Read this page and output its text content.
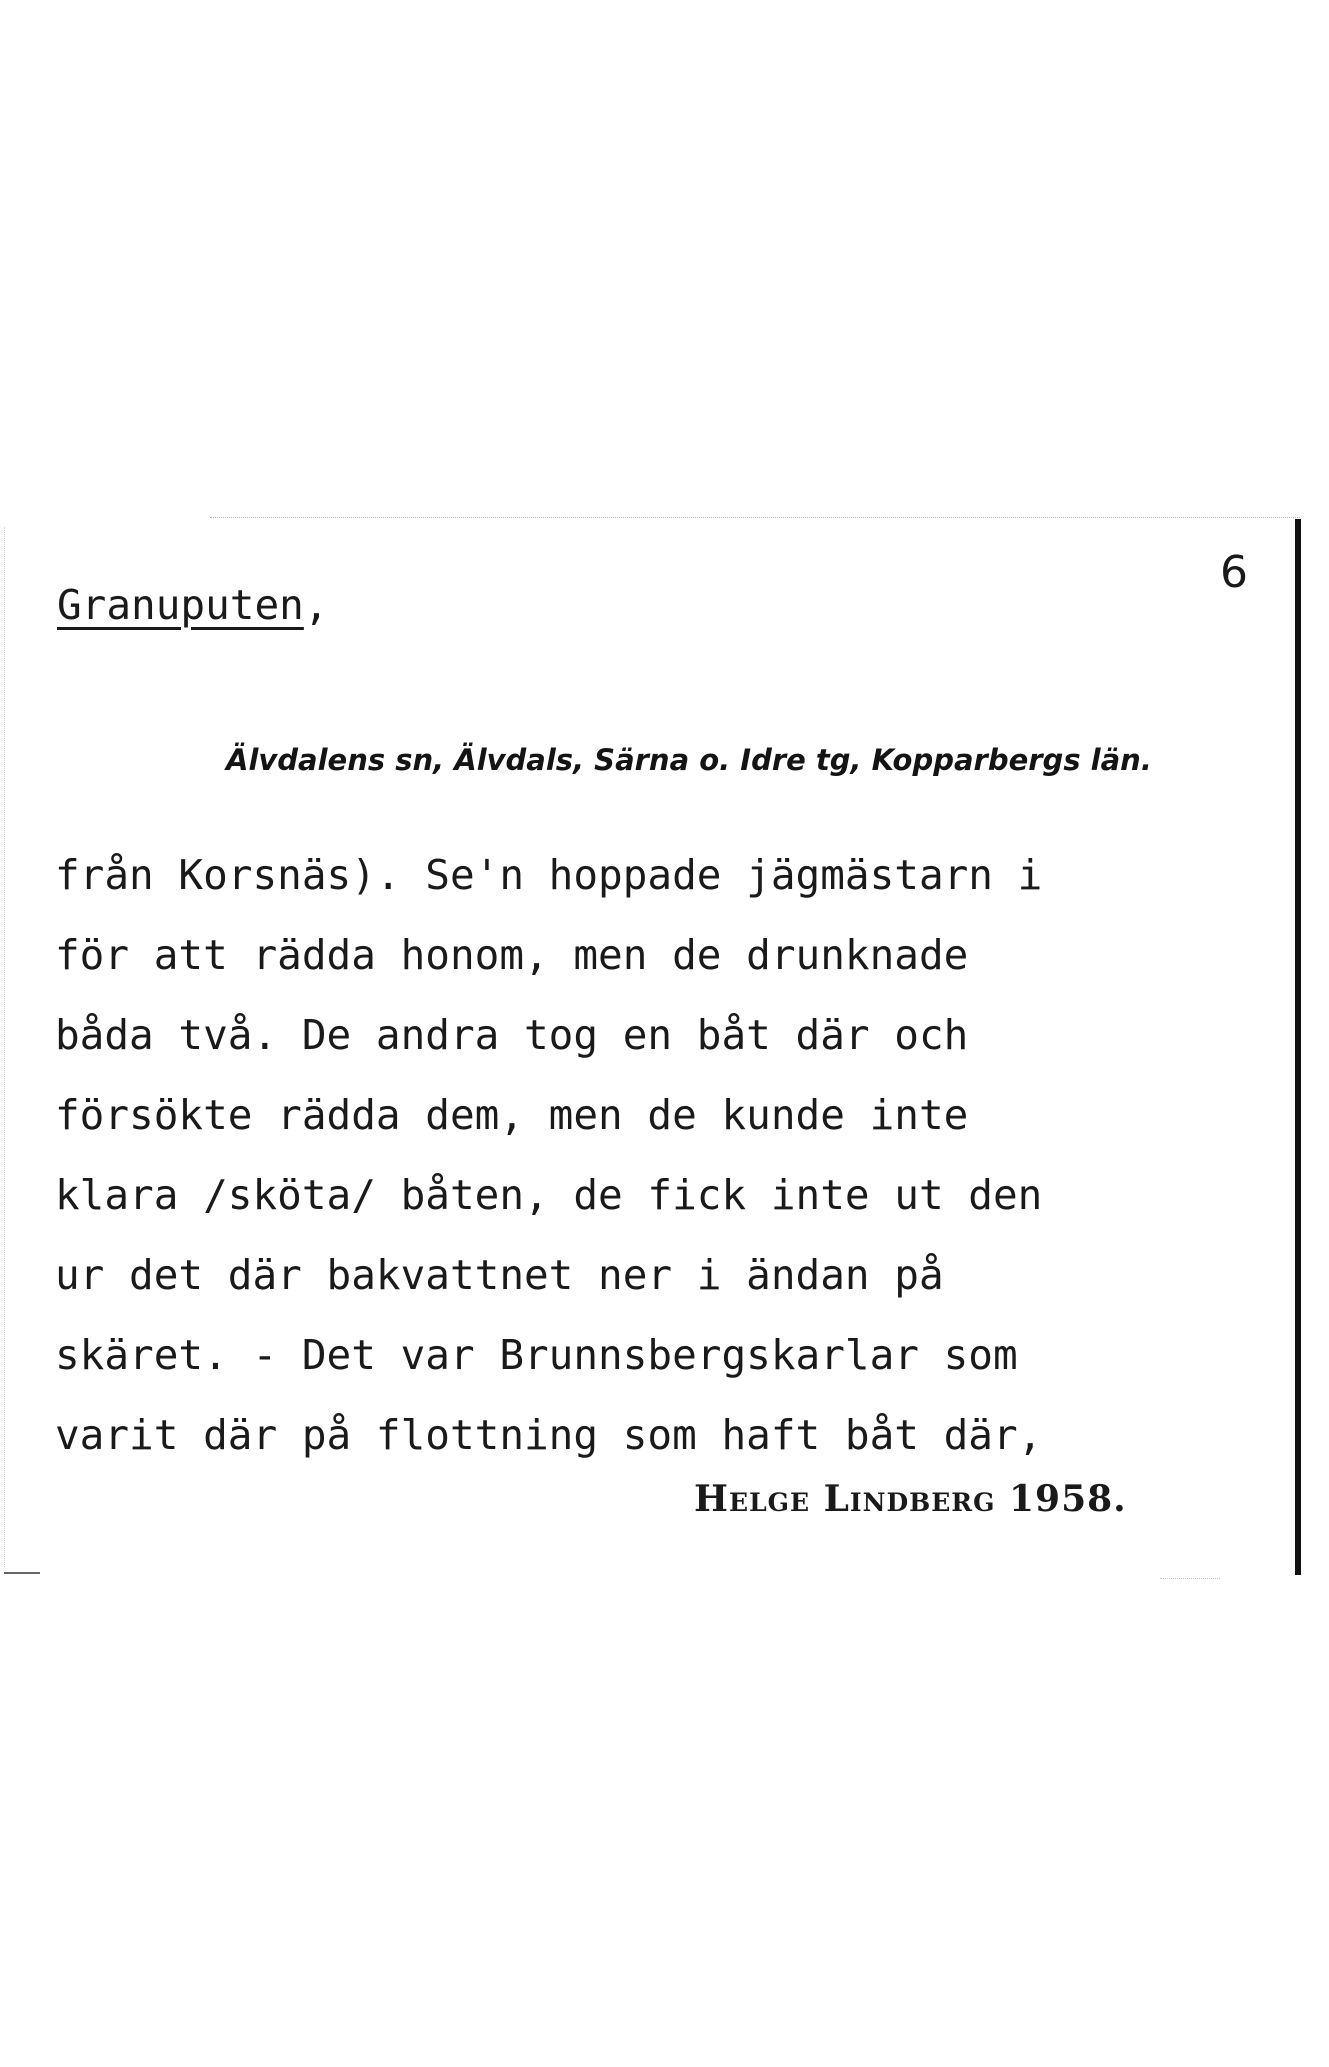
6
Granuputen,
Älvdalens sn, Älvdals, Särna o. Idre tg, Kopparbergs län.
från Korsnäs). Se'n hoppade jägmästarn i
för att rädda honom, men de drunknade
båda två. De andra tog en båt där och
försökte rädda dem, men de kunde inte
klara /sköta/ båten, de fick inte ut den
ur det där bakvattnet ner i ändan på
skäret. - Det var Brunnsbergskarlar som
varit där på flottning som haft båt där,
Helge Lindberg 1958.
